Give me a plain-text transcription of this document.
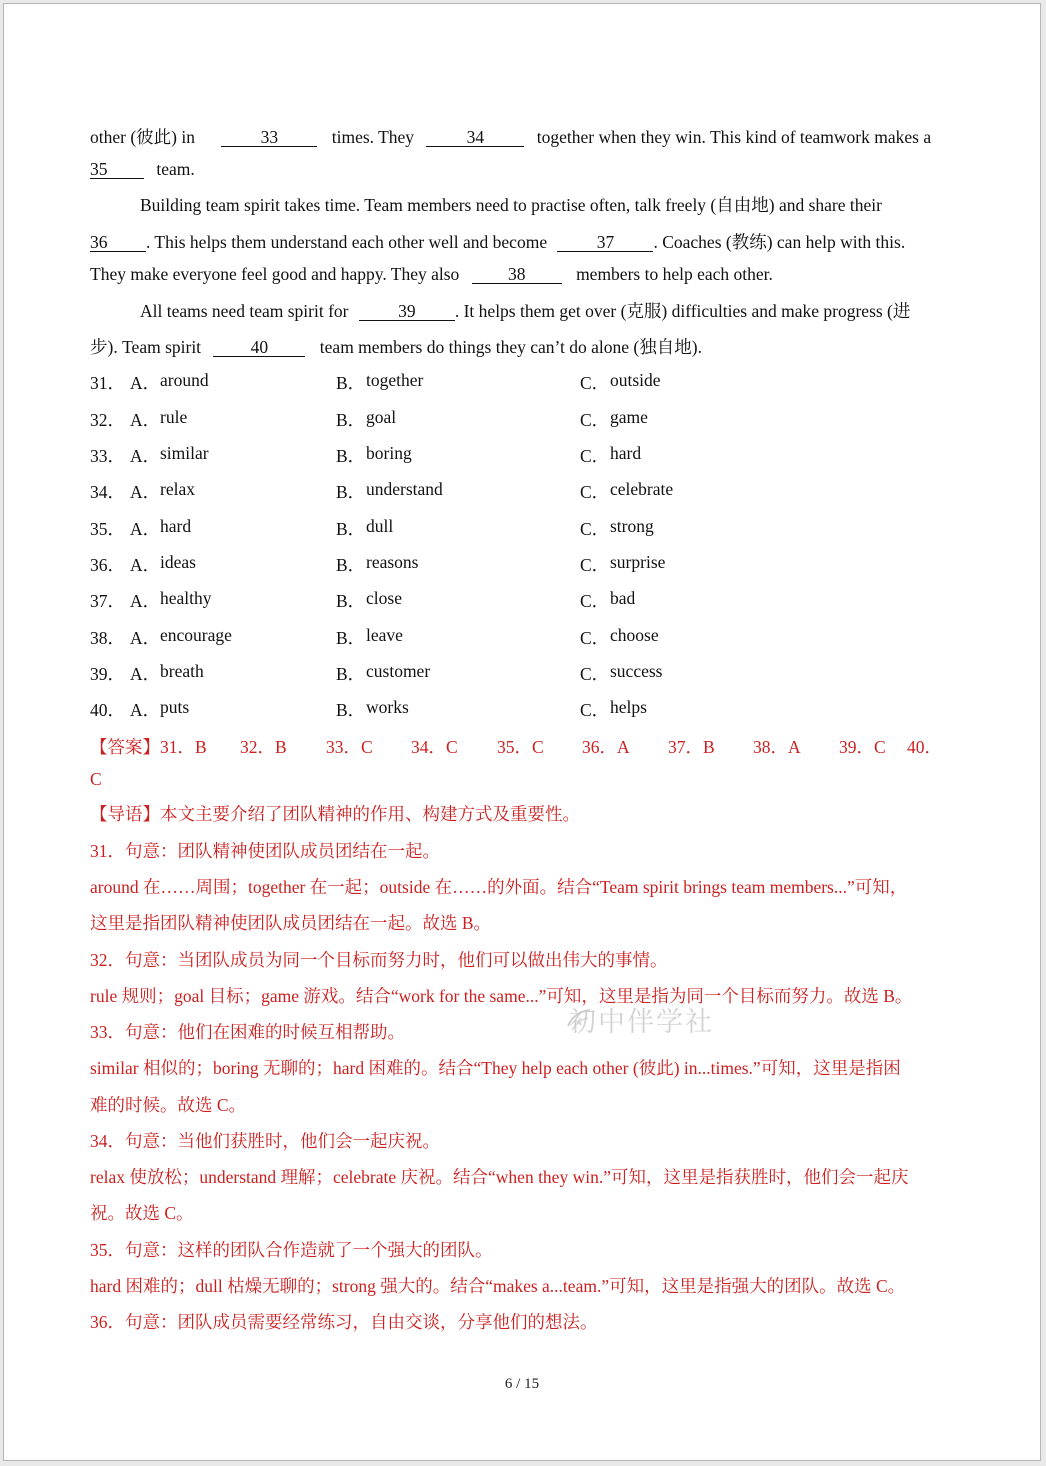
other (彼此) in	33	times. They	34	together when they win. This kind of teamwork makes a
35	team.
Building team spirit takes time. Team members need to practise often, talk freely (自由地) and share their
36 . This helps them understand each other well and become	37 . Coaches (教练) can help with this.
They make everyone feel good and happy. They also	38	members to help each other.
All teams need team spirit for	39 . It helps them get over (克服) difficulties and make progress (进
步). Team spirit	40	team members do things they can’t do alone (独自地).
31． A． around	B． together	C． outside
32． A． rule	B． goal	C． game
33． A． similar	B． boring	C． hard
34． A． relax	B． understand	C． celebrate
35． A． hard	B． dull	C． strong
36． A． ideas	B． reasons	C． surprise
37． A． healthy	B． close	C． bad
38． A． encourage	B． leave	C． choose
39． A． breath	B． customer	C． success
40． A． puts	B． works	C． helps
【答案】31．B 32．B 33．C 34．C 35．C 36．A 37．B 38．A 39．C 40．
C
【导语】本文主要介绍了团队精神的作用、构建方式及重要性。
31．句意：团队精神使团队成员团结在一起。
around 在……周围；together 在一起；outside 在……的外面。结合“Team spirit brings team members...”可知，
这里是指团队精神使团队成员团结在一起。故选 B。
32．句意：当团队成员为同一个目标而努力时，他们可以做出伟大的事情。
rule 规则；goal 目标；game 游戏。结合“work for the same...”可知，这里是指为同一个目标而努力。故选 B。
33．句意：他们在困难的时候互相帮助。
similar 相似的；boring 无聊的；hard 困难的。结合“They help each other (彼此) in...times.”可知，这里是指困
难的时候。故选 C。
34．句意：当他们获胜时，他们会一起庆祝。
relax 使放松；understand 理解；celebrate 庆祝。结合“when they win.”可知，这里是指获胜时，他们会一起庆
祝。故选 C。
35．句意：这样的团队合作造就了一个强大的团队。
hard 困难的；dull 枯燥无聊的；strong 强大的。结合“makes a...team.”可知，这里是指强大的团队。故选 C。
36．句意：团队成员需要经常练习，自由交谈，分享他们的想法。
初中伴学社
6 / 15
